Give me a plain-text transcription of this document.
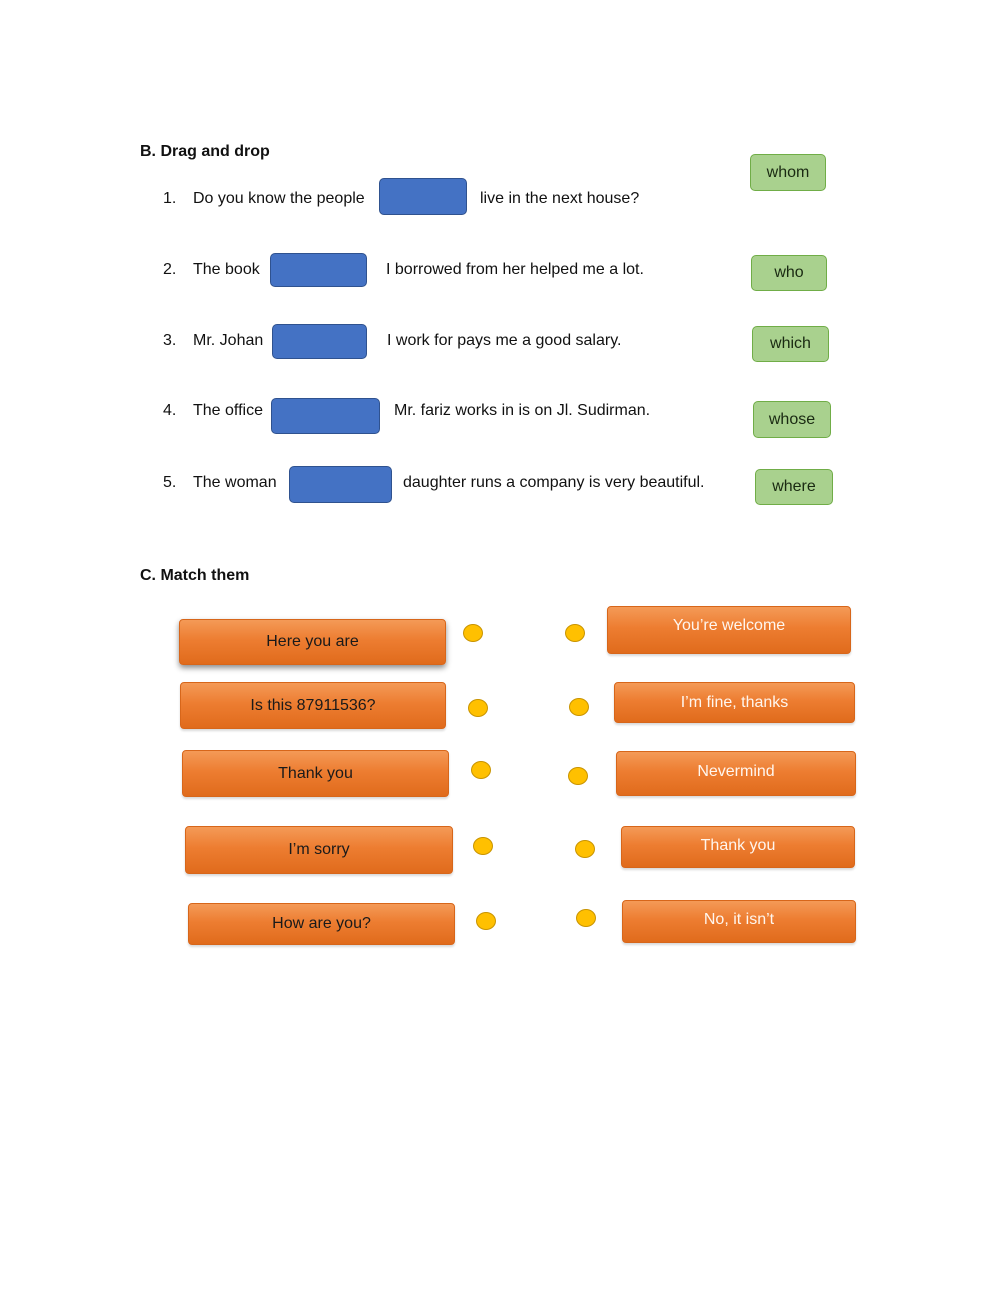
B. Drag and drop
1. Do you know the people	live in the next house?
2. The book	I borrowed from her helped me a lot.
3. Mr. Johan	I work for pays me a good salary.
4. The office	Mr. fariz works in is on Jl. Sudirman.
5. The woman	daughter runs a company is very beautiful.
whom
who
which
whose
where
C. Match them
Here you are
Is this 87911536?
Thank you
I’m sorry
How are you?
You’re welcome
I’m fine, thanks
Nevermind
Thank you
No, it isn’t
